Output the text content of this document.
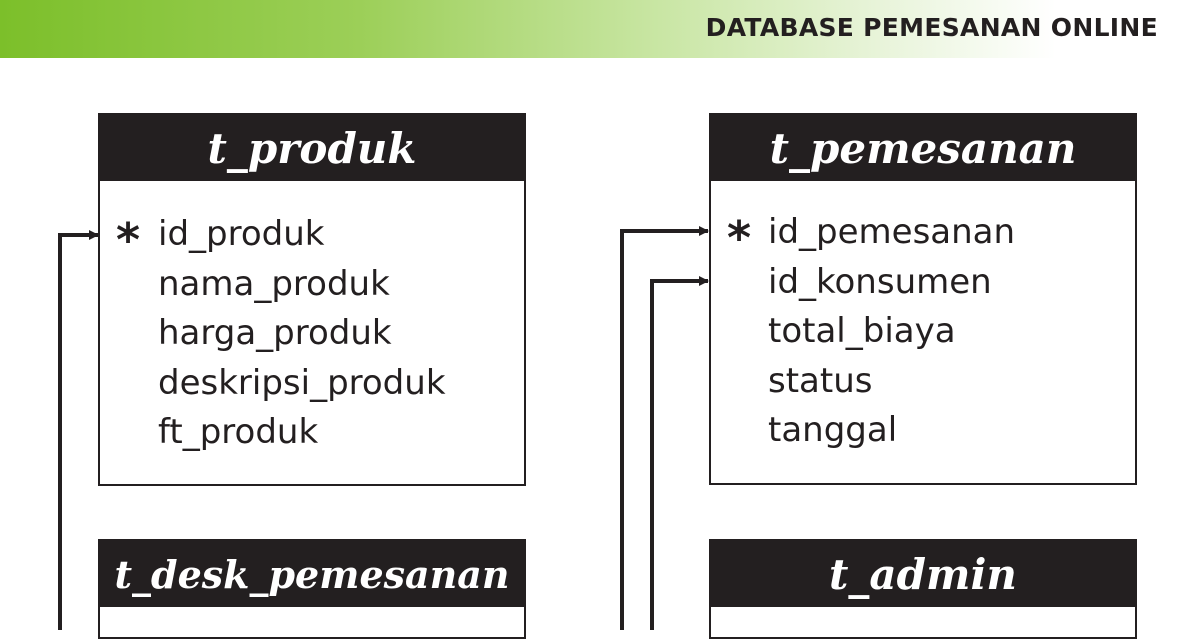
DATABASE PEMESANAN ONLINE
t_produk
* id_produk
nama_produk
harga_produk
deskripsi_produk
ft_produk
t_pemesanan
* id_pemesanan
id_konsumen
total_biaya
status
tanggal
t_desk_pemesanan	t_admin
